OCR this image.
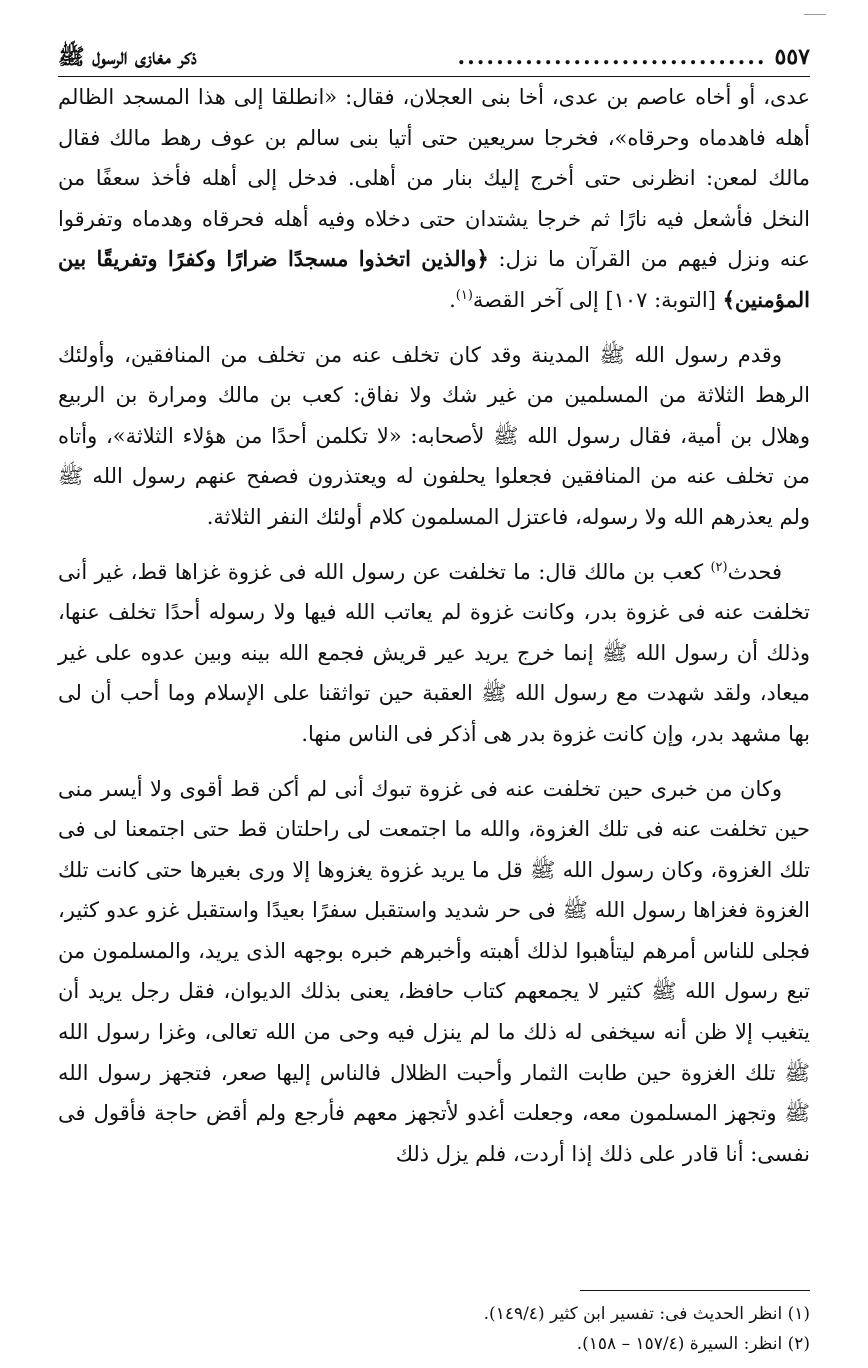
ذكر مغازى الرسول ﷺ	................................ ٥٥٧

عدى، أو أخاه عاصم بن عدى، أخا بنى العجلان، فقال: «انطلقا إلى هذا المسجد الظالم أهله فاهدماه وحرقاه»، فخرجا سريعين حتى أتيا بنى سالم بن عوف رهط مالك فقال مالك لمعن: انظرنى حتى أخرج إليك بنار من أهلى. فدخل إلى أهله فأخذ سعفًا من النخل فأشعل فيه نارًا ثم خرجا يشتدان حتى دخلاه وفيه أهله فحرقاه وهدماه وتفرقوا عنه ونزل فيهم من القرآن ما نزل: ﴿والذين اتخذوا مسجدًا ضرارًا وكفرًا وتفريقًا بين المؤمنين﴾ [التوبة: ١٠٧] إلى آخر القصة$^{(١)}$.

وقدم رسول الله ﷺ المدينة وقد كان تخلف عنه من تخلف من المنافقين، وأولئك الرهط الثلاثة من المسلمين من غير شك ولا نفاق: كعب بن مالك ومرارة بن الربيع وهلال بن أمية، فقال رسول الله ﷺ لأصحابه: «لا تكلمن أحدًا من هؤلاء الثلاثة»، وأتاه من تخلف عنه من المنافقين فجعلوا يحلفون له ويعتذرون فصفح عنهم رسول الله ﷺ ولم يعذرهم الله ولا رسوله، فاعتزل المسلمون كلام أولئك النفر الثلاثة.

فحدث$^{(٢)}$ كعب بن مالك قال: ما تخلفت عن رسول الله فى غزوة غزاها قط، غير أنى تخلفت عنه فى غزوة بدر، وكانت غزوة لم يعاتب الله فيها ولا رسوله أحدًا تخلف عنها، وذلك أن رسول الله ﷺ إنما خرج يريد عير قريش فجمع الله بينه وبين عدوه على غير ميعاد، ولقد شهدت مع رسول الله ﷺ العقبة حين تواثقنا على الإسلام وما أحب أن لى بها مشهد بدر، وإن كانت غزوة بدر هى أذكر فى الناس منها.

وكان من خبرى حين تخلفت عنه فى غزوة تبوك أنى لم أكن قط أقوى ولا أيسر منى حين تخلفت عنه فى تلك الغزوة، والله ما اجتمعت لى راحلتان قط حتى اجتمعنا لى فى تلك الغزوة، وكان رسول الله ﷺ قل ما يريد غزوة يغزوها إلا ورى بغيرها حتى كانت تلك الغزوة فغزاها رسول الله ﷺ فى حر شديد واستقبل سفرًا بعيدًا واستقبل غزو عدو كثير، فجلى للناس أمرهم ليتأهبوا لذلك أهبته وأخبرهم خبره بوجهه الذى يريد، والمسلمون من تبع رسول الله ﷺ كثير لا يجمعهم كتاب حافظ، يعنى بذلك الديوان، فقل رجل يريد أن يتغيب إلا ظن أنه سيخفى له ذلك ما لم ينزل فيه وحى من الله تعالى، وغزا رسول الله ﷺ تلك الغزوة حين طابت الثمار وأحبت الظلال فالناس إليها صعر، فتجهز رسول الله ﷺ وتجهز المسلمون معه، وجعلت أغدو لأتجهز معهم فأرجع ولم أقض حاجة فأقول فى نفسى: أنا قادر على ذلك إذا أردت، فلم يزل ذلك

(١) انظر الحديث فى: تفسير ابن كثير (١٤٩/٤).

(٢) انظر: السيرة (١٥٧/٤ – ١٥٨).
